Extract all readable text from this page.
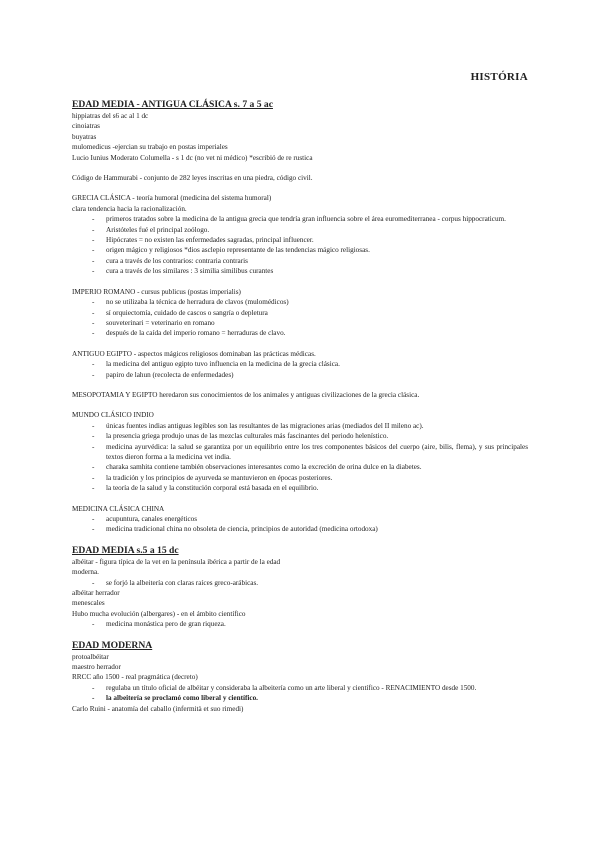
HISTÓRIA
EDAD MEDIA - ANTIGUA CLÁSICA s. 7 a 5 ac
hippiatras del s6 ac al 1 dc
cinoiatras
buyatras
mulomedicus -ejercian su trabajo en postas imperiales
Lucio Iunius Moderato Columella - s 1 dc (no vet ni médico) *escribió de re rustica
Código de Hammurabi - conjunto de 282 leyes inscritas en una piedra, código civil.
GRECIA CLÁSICA - teoría humoral (medicina del sistema humoral)
clara tendencia hacia la racionalización.
- primeros tratados sobre la medicina de la antigua grecia que tendría gran influencia sobre el área euromediterranea - corpus hippocraticum.
- Aristóteles fué el principal zoólogo.
- Hipócrates = no existen las enfermedades sagradas, principal influencer.
- origen mágico y religiosos *dios asclepio representante de las tendencias mágico religiosas.
- cura a través de los contrarios: contraria contraris
- cura a través de los similares : 3 similia similibus curantes
IMPERIO ROMANO - cursus publicus (postas imperialis)
- no se utilizaba la técnica de herradura de clavos (mulomédicos)
- sí orquiectomía, cuidado de cascos o sangría o depletura
- souveterinari = veterinario en romano
- después de la caída del imperio romano = herraduras de clavo.
ANTIGUO EGIPTO - aspectos mágicos religiosos dominaban las prácticas médicas.
- la medicina del antiguo egipto tuvo influencia en la medicina de la grecia clásica.
- papiro de lahun (recolecta de enfermedades)
MESOPOTAMIA Y EGIPTO heredaron sus conocimientos de los animales y antiguas civilizaciones de la grecia clásica.
MUNDO CLÁSICO INDIO
- únicas fuentes indias antiguas legibles son las resultantes de las migraciones arias (mediados del II mileno ac).
- la presencia griega produjo unas de las mezclas culturales más fascinantes del periodo helenístico.
- medicina ayurvédica: la salud se garantiza por un equilibrio entre los tres componentes básicos del cuerpo (aire, bilis, flema), y sus principales textos dieron forma a la medicina vet india.
- charaka samhita contiene también observaciones interesantes como la excreción de orina dulce en la diabetes.
- la tradición y los principios de ayurveda se mantuvieron en épocas posteriores.
- la teoría de la salud y la constitución corporal está basada en el equilibrio.
MEDICINA CLÁSICA CHINA
- acupuntura, canales energéticos
- medicina tradicional china no obsoleta de ciencia, principios de autoridad (medicina ortodoxa)
EDAD MEDIA s.5 a 15 dc
albéitar - figura típica de la vet en la península ibérica a partir de la edad
moderna.
- se forjó la albeitería con claras raíces greco-arábicas.
albéitar herrador
menescales
Hubo mucha evolución (albergares) - en el ámbito científico
- medicina monástica pero de gran riqueza.
EDAD MODERNA
protoalbéitar
maestro herrador
RRCC año 1500 - real pragmática (decreto)
- regulaba un título oficial de albéitar y consideraba la albeitería como un arte liberal y científico - RENACIMIENTO desde 1500.
- la albeitería se proclamó como liberal y científico.
Carlo Ruini - anatomía del caballo (infermità et suo rimedi)
